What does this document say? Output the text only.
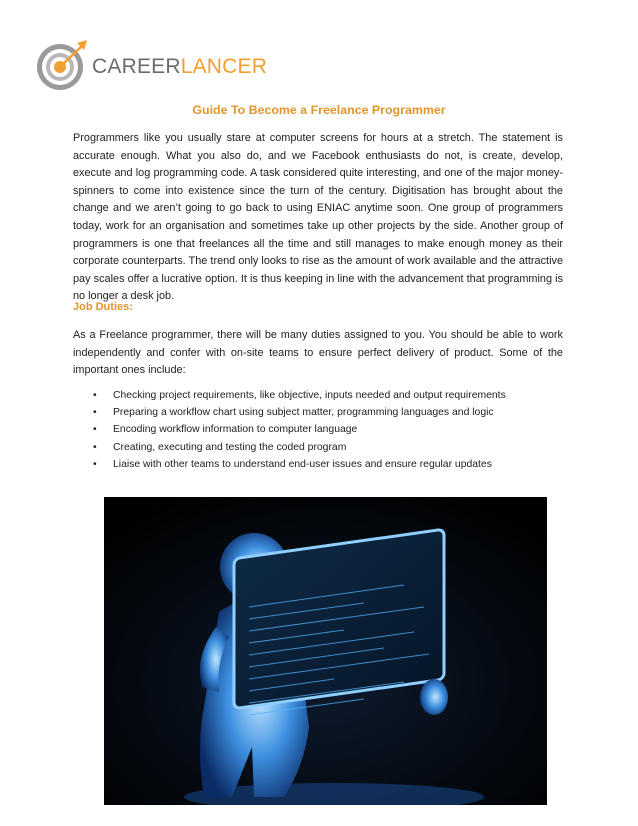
CAREERLANCER
Guide To Become a Freelance Programmer

Programmers like you usually stare at computer screens for hours at a stretch. The statement is accurate enough. What you also do, and we Facebook enthusiasts do not, is create, develop, execute and log programming code. A task considered quite interesting, and one of the major money-spinners to come into existence since the turn of the century. Digitisation has brought about the change and we aren’t going to go back to using ENIAC anytime soon. One group of programmers today, work for an organisation and sometimes take up other projects by the side. Another group of programmers is one that freelances all the time and still manages to make enough money as their corporate counterparts. The trend only looks to rise as the amount of work available and the attractive pay scales offer a lucrative option. It is thus keeping in line with the advancement that programming is no longer a desk job.

Job Duties:

As a Freelance programmer, there will be many duties assigned to you. You should be able to work independently and confer with on-site teams to ensure perfect delivery of product. Some of the important ones include:

• Checking project requirements, like objective, inputs needed and output requirements
• Preparing a workflow chart using subject matter, programming languages and logic
• Encoding workflow information to computer language
• Creating, executing and testing the coded program
• Liaise with other teams to understand end-user issues and ensure regular updates
